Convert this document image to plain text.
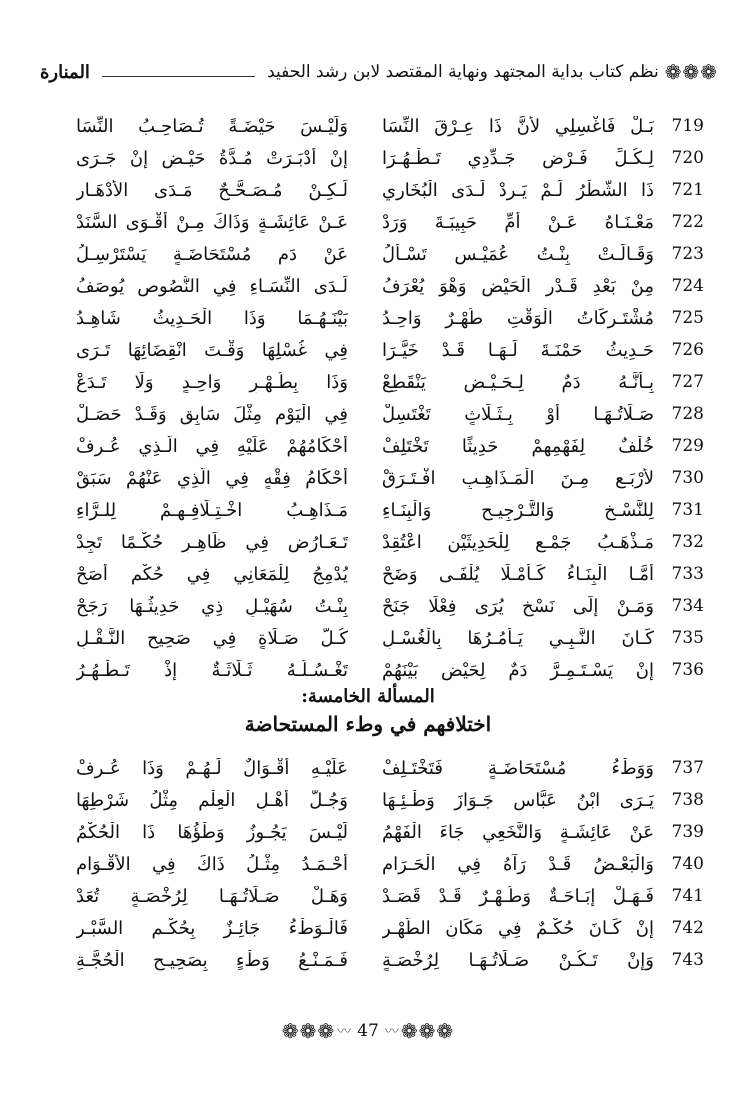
❁❁❁
نظم كتاب بداية المجتهد ونهاية المقتصد لابن رشد الحفيد
المنارة
وَلَيْـسَ حَيْضَـةً تُـصَاحِـبُ النِّسَا بَـلْ فَاغْسِلِي لأَنَّ ذَا عِـرْقَ النِّسَا	719
إنْ أَدْبَـرَتْ مُـدَّةُ حَيْـضٍ إنْ جَـرَى لِـكُـلِّ فَـرْضٍ جَـدِّدِي تَـطْـهُـرَا	720
لَـكِـنْ مُـصَـحَّـحٌ مَـدَى الأَدْهَـارِ ذَا الشَّطْرُ لَـمْ يَـرِدْ لَـدَى الْبُخَارِي	721
عَـنْ عَائِشَـةٍ وَذَاكَ مِـنْ أَقْـوَى السَّنَدْ مَعْـنَـاهُ عَـنْ أُمِّ حَبِيبَـةَ وَرَدْ	722
عَنْ دَمِ مُسْتَحَاضَـةٍ يَسْتَرْسِـلُ وَقَـالَـتْ بِنْـتُ عُمَيْـسٍ تَسْـأَلُ	723
لَـدَى النِّسَـاءِ فِي النُّصُوصِ يُوصَفُ مِنْ بَعْدِ قَـدْرِ الْحَيْضِ وَهْوَ يُعْرَفُ	724
بَيْنَـهُـمَا وَذَا الْحَـدِيثُ شَاهِـدُ مُشْتَـرِكَاتُ الْوَقْتِ طُهْـرٌ وَاحِـدُ	725
فِي غُسْلِهَا وَقْـتَ انْقِضَائِهَا تَـرَى حَـدِيثُ حَمْنَـةَ لَـهَـا قَـدْ خَيَّـرَا	726
وَذَا بِطُـهْـرٍ وَاحِـدٍ وَلَا تَـدَعْ بِـأَنَّـهُ دَمٌ لِـحَـيْـضٍ يَنْقَطِعْ	727
فِي الْيَوْمِ مِثْلَ سَابِقٍ وَقَـدْ حَصَـلْ صَـلَاتُـهَـا أَوْ بِـثَـلَاثٍ تَغْتَسِلْ	728
أَحْكَامُهُمْ عَلَيْهِ فِي الَّـذِي عُـرِفْ خُلْفٌ لِفَهْمِهِمْ حَدِيثًا تَخْتَلِفْ	729
أَحْكَامُ فِقْهٍ فِي الَّذِي عَنْهُمْ سَبَقْ لأَرْبَـعٍ مِـنَ الْمَـذَاهِـبِ افْـتَـرَقْ	730
مَـذَاهِـبُ اخْـتِـلَافِـهِـمْ لِلـرَّاءِ لِلنَّسْـخِ وَالتَّـرْجِيـحِ وَالْبِنَـاءِ	731
تَـعَـارُضٍ فِي ظَاهِـرٍ حُكْـمًا تَجِدْ مَـذْهَـبُ جَمْـعٍ لِلْحَدِيثَيْنِ اعْتُقِدْ	732
يُدْمِجُ لِلْمَعَانِي فِي حُكْمٍ أَصَحْ أَمَّـا الْبِنَـاءُ كَـأَمْـلَا يُلْفَـى وَضَحْ	733
بِنْـتُ سُهَيْـلٍ ذِي حَدِيثُـهَا رَجَحْ وَمَـنْ إِلَى نَسْخٍ يُرَى فِعْلًا جَنَحْ	734
كُـلَّ صَـلَاةٍ فِي صَحِيحِ النَّـقْـلِ كَـانَ النَّـبِـي يَـأْمُـرُهَا بِالْغُسْـلِ	735
تَغْـسُـلُـهُ ثَـلَاثَـةٌ إِذْ تَـطْـهُـرُ إِنْ يَسْـتَـمِـرَّ دَمٌ لِحَيْضٍ بَيْنَهُمْ	736
المسألة الخامسة:
اختلافهم في وطء المستحاضة
عَلَيْـهِ أَقْـوَالٌ لَـهُـمْ وَذَا عُـرِفْ وَوَطْءُ مُسْتَحَاضَـةٍ فَتَخْتَـلِفْ	737
وَجُـلُّ أَهْـلِ الْعِلْمِ مِثْلُ شَرْطِهَا يَـرَى ابْنُ عَبَّاسٍ جَـوَازَ وَطْـئِـهَا	738
لَيْـسَ يَجُـوزُ وَطْؤُهَا ذَا الْحُكْمُ عَنْ عَائِشَـةٍ وَالنَّخَعِي جَاءَ الْفَهْمُ	739
أَحْـمَـدُ مِثْـلُ ذَاكَ فِي الأَقْـوَامِ وَالْبَعْـضُ قَـدْ رَآهُ فِي الْحَـرَامِ	740
وَهَـلْ صَـلَاتُـهَـا لِرُخْصَـةٍ تُعَدْ فَـهَـلْ إِبَـاحَـةٌ وَطُـهْـرٌ قَـدْ قَصَـدْ	741
فَالْـوَطْءُ جَائِـزٌ بِحُكْـمِ السَّبْـرِ إِنْ كَـانَ حُكْـمٌ فِي مَكَانِ الطُّهْـرِ	742
فَـمَـنْـعُ وَطْءٍ بِصَحِيـحِ الْحُجَّـةِ وَإِنْ تَـكُـنْ صَـلَاتُـهَـا لِرُخْصَـةٍ	743
❁❁❁ 〰 47 〰 ❁❁❁
